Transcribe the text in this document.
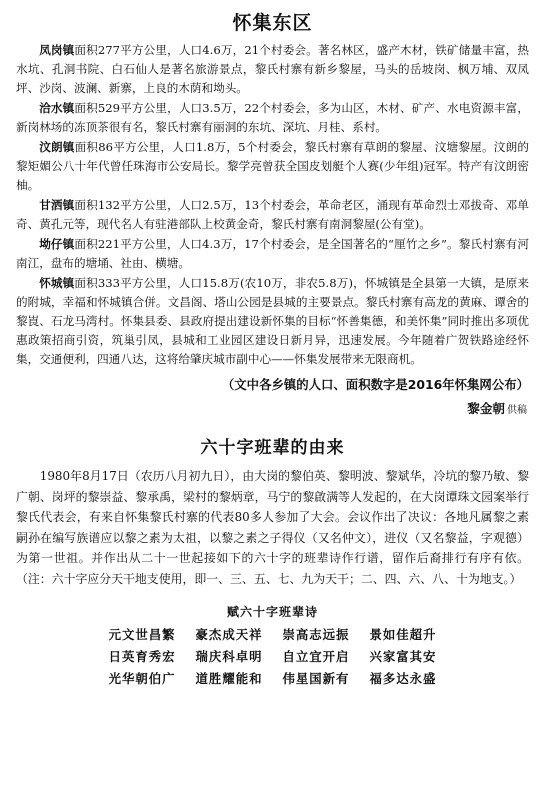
怀集东区

凤岗镇面积277平方公里，人口4.6万，21个村委会。著名林区，盛产木材，铁矿储量丰富，热水坑、孔洞书院、白石仙人是著名旅游景点，黎氏村寨有新乡黎屋，马头的岳坡岗、枫万埔、双凤坪、沙岗、波澜、新寨，上良的木荫和坳头。

洽水镇面积529平方公里，人口3.5万，22个村委会，多为山区，木材、矿产、水电资源丰富，新岗林场的冻顶茶很有名，黎氏村寨有丽洞的东坑、深坑、月桂、系村。

汶朗镇面积86平方公里，人口1.8万，5个村委会，黎氏村寨有草朗的黎屋、汶塘黎屋。汶朗的黎矩媚公八十年代曾任珠海市公安局长。黎学亮曾获全国皮划艇个人赛(少年组)冠军。特产有汶朗密柚。

甘洒镇面积132平方公里，人口2.5万，13个村委会，革命老区，涌现有革命烈士邓拔奇、邓单奇、黄孔元等，现代名人有驻港部队上校黄金奇，黎氏村寨有南洞黎屋(公有堂)。

坳仔镇面积221平方公里，人口4.3万，17个村委会，是全国著名的“厘竹之乡”。黎氏村寨有河南江，盘布的塘埇、社由、横塘。

怀城镇面积333平方公里，人口15.8万(农10万，非农5.8万)，怀城镇是全县第一大镇，是原来的附城，幸福和怀城镇合併。文昌阁、塔山公园是县城的主要景点。黎氏村寨有高龙的黄麻、谭舍的黎崀、石龙马湾村。怀集县委、县政府提出建设新怀集的目标“怀善集德，和美怀集”同时推出多项优惠政策招商引资，筑巢引凤，县城和工业园区建设日新月异，迅速发展。今年随着广贺铁路途经怀集，交通便利，四通八达，这将给肇庆城市副中心——怀集发展带来无限商机。

（文中各乡镇的人口、面积数字是2016年怀集网公布）

黎金朝 供稿

六十字班辈的由来

1980年8月17日（农历八月初九日），由大岗的黎伯英、黎明波、黎斌华，冷坑的黎乃敏、黎广朝、岗坪的黎崇益、黎承禹，梁村的黎炳章，马宁的黎啟满等人发起的，在大岗谭珠文园案举行黎氏代表会，有来自怀集黎氏村寨的代表80多人参加了大会。会议作出了决议：各地凡属黎之素嗣孙在编写族谱应以黎之素为太祖，以黎之素之子得仪（又名仲文），进仪（又名黎益，字观德）为第一世祖。并作出从二十一世起接如下的六十字的班辈诗作行谱，留作后裔排行有序有依。（注：六十字应分天干地支使用，即一、三、五、七、九为天干；二、四、六、八、十为地支。）

赋六十字班辈诗
元文世昌繁 豪杰成天祥 崇高志远振 景如佳超升
日英育秀宏 瑞庆科卓明 自立宜开启 兴家富其安
光华朝伯广 道胜耀能和 伟星国新有 福多达永盛
